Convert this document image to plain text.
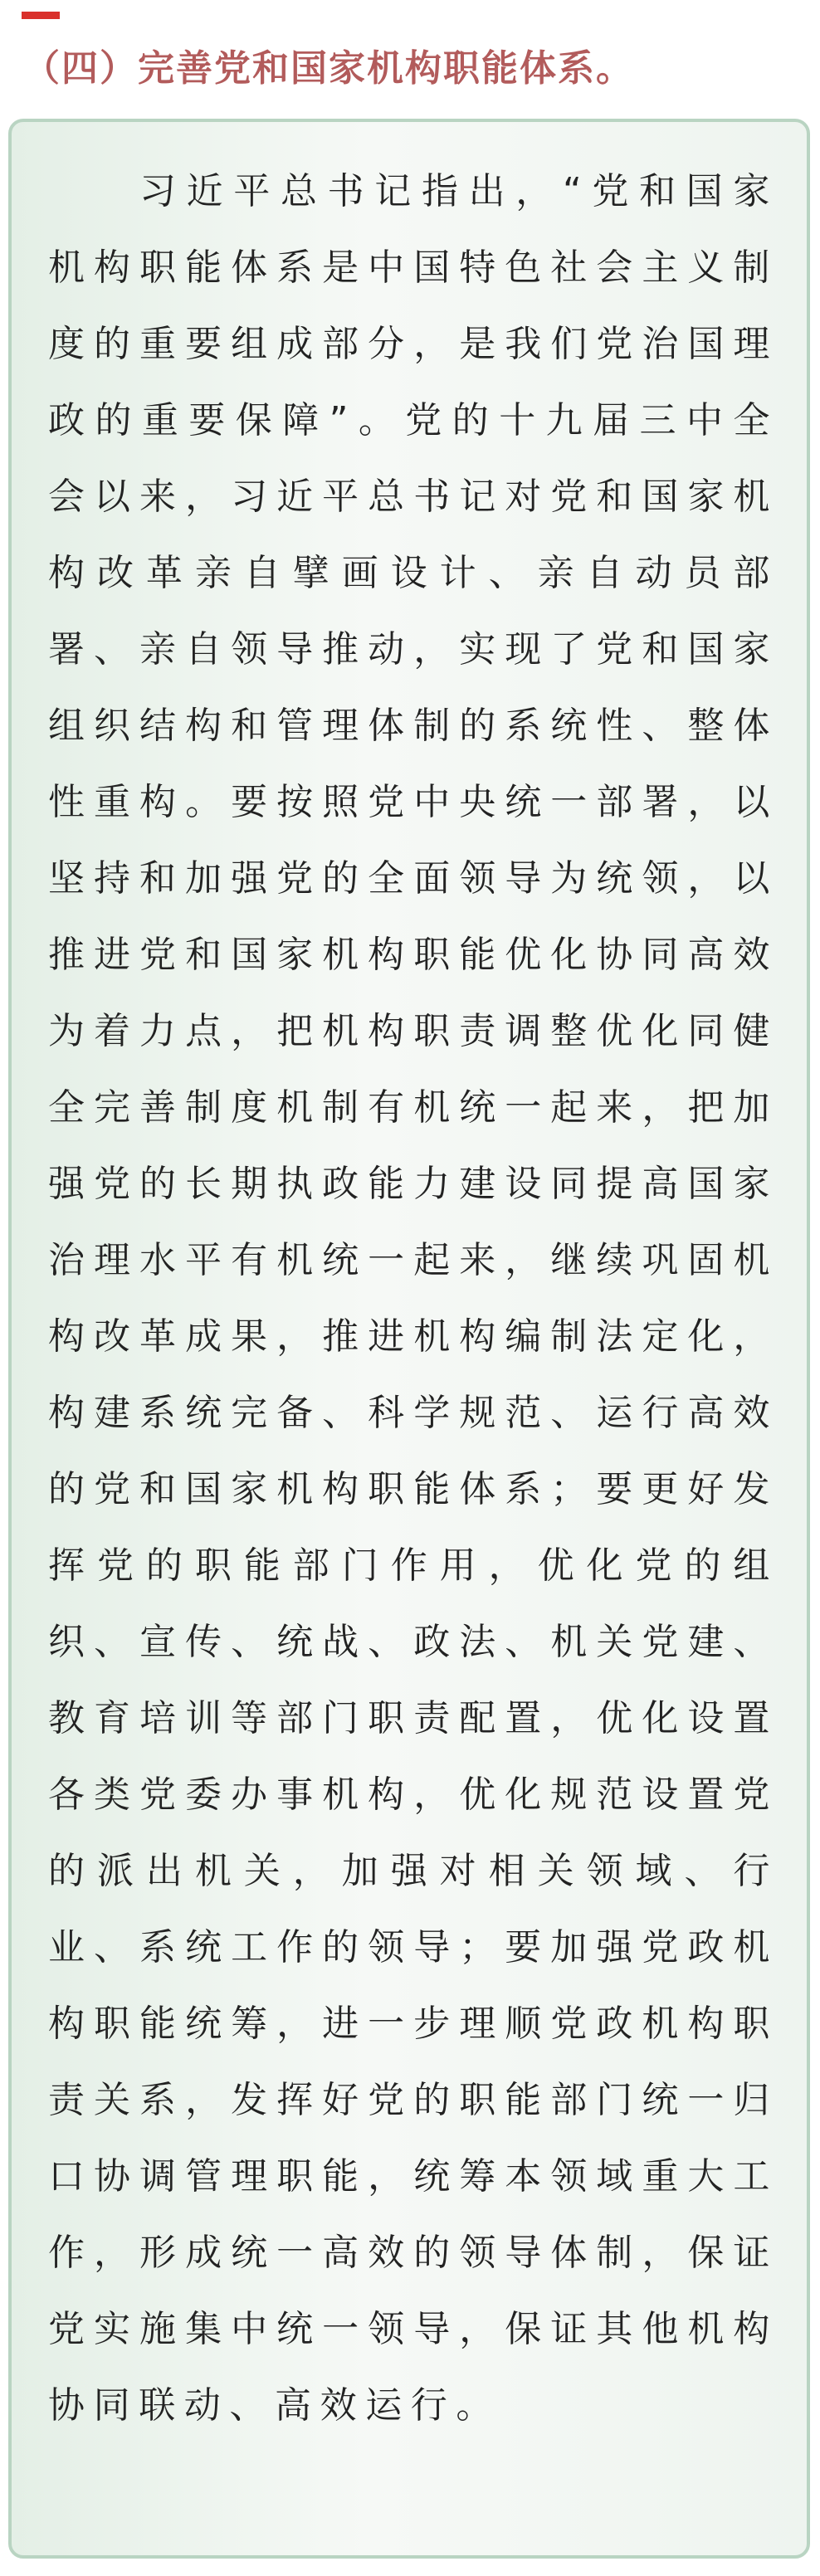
（四）完善党和国家机构职能体系。

习近平总书记指出，“党和国家机构职能体系是中国特色社会主义制度的重要组成部分，是我们党治国理政的重要保障”。党的十九届三中全会以来，习近平总书记对党和国家机构改革亲自擘画设计、亲自动员部署、亲自领导推动，实现了党和国家组织结构和管理体制的系统性、整体性重构。要按照党中央统一部署，以坚持和加强党的全面领导为统领，以推进党和国家机构职能优化协同高效为着力点，把机构职责调整优化同健全完善制度机制有机统一起来，把加强党的长期执政能力建设同提高国家治理水平有机统一起来，继续巩固机构改革成果，推进机构编制法定化，构建系统完备、科学规范、运行高效的党和国家机构职能体系；要更好发挥党的职能部门作用，优化党的组织、宣传、统战、政法、机关党建、教育培训等部门职责配置，优化设置各类党委办事机构，优化规范设置党的派出机关，加强对相关领域、行业、系统工作的领导；要加强党政机构职能统筹，进一步理顺党政机构职责关系，发挥好党的职能部门统一归口协调管理职能，统筹本领域重大工作，形成统一高效的领导体制，保证党实施集中统一领导，保证其他机构协同联动、高效运行。
